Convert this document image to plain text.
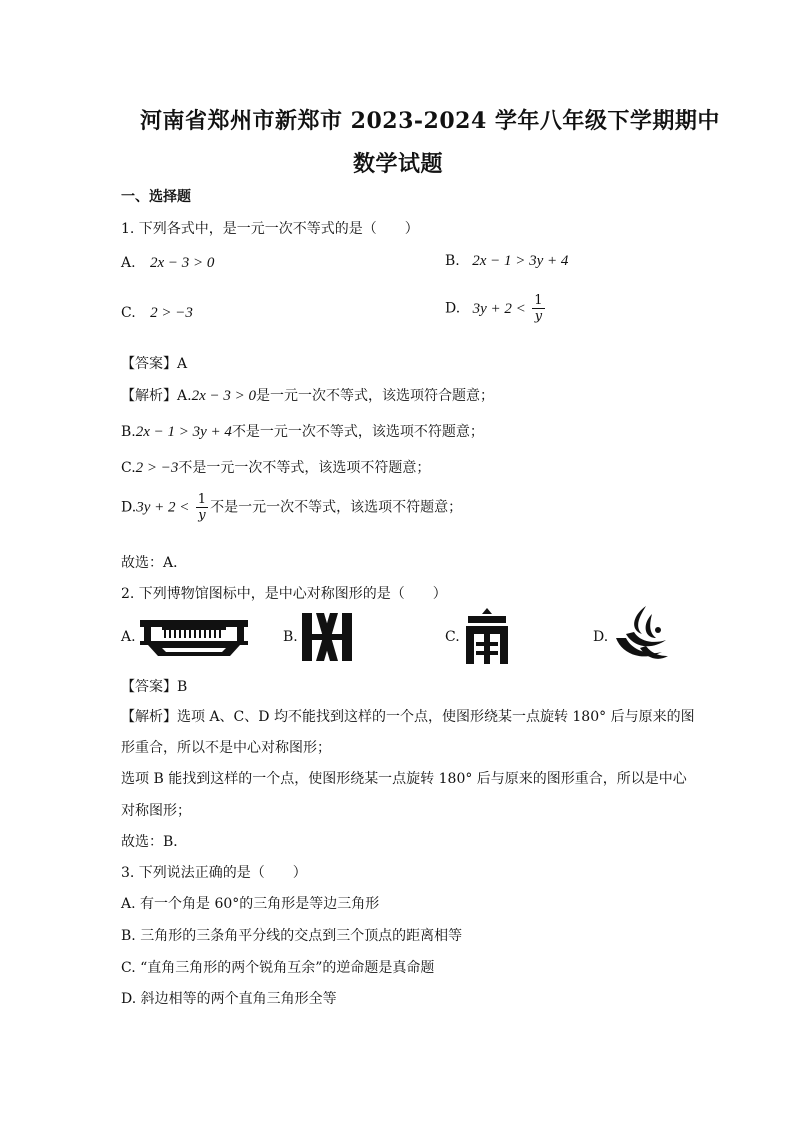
河南省郑州市新郑市 2023-2024 学年八年级下学期期中
数学试题
一、选择题
1. 下列各式中，是一元一次不等式的是（　　）
A. 2x − 3 > 0	B. 2x − 1 > 3y + 4
C. 2 > −3	D. $3y + 2 < \frac{1}{y}$
【答案】A
【解析】A.2x − 3 > 0是一元一次不等式，该选项符合题意；
B.2x − 1 > 3y + 4不是一元一次不等式，该选项不符题意；
C.2 > −3不是一元一次不等式，该选项不符题意；
$D.3y + 2 < \frac{1}{y}$ 不是一元一次不等式，该选项不符题意；
故选：A．
2. 下列博物馆图标中，是中心对称图形的是（　　）
A.	B.	C.	D.
【答案】B
【解析】选项 A、C、D 均不能找到这样的一个点，使图形绕某一点旋转 180° 后与原来的图
形重合，所以不是中心对称图形；
选项 B 能找到这样的一个点，使图形绕某一点旋转 180° 后与原来的图形重合，所以是中心
对称图形；
故选：B．
3. 下列说法正确的是（　　）
A. 有一个角是 60°的三角形是等边三角形
B. 三角形的三条角平分线的交点到三个顶点的距离相等
C. “直角三角形的两个锐角互余”的逆命题是真命题
D. 斜边相等的两个直角三角形全等
